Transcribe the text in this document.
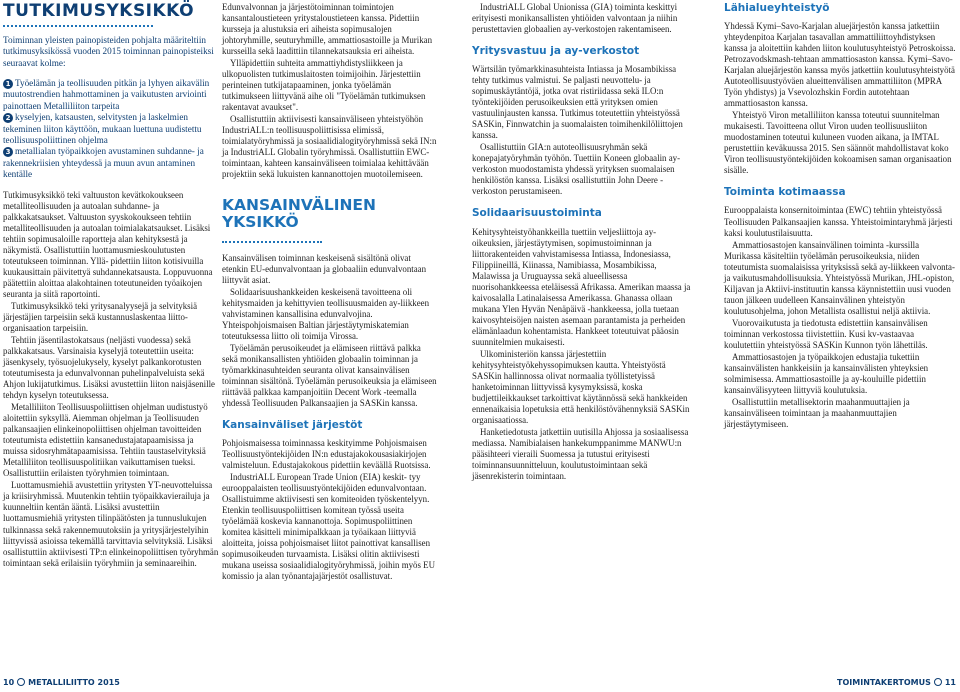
TUTKIMUSYKSIKKÖ

Toiminnan yleisten painopisteiden pohjalta määriteltiin tutkimusyksikössä vuoden 2015 toiminnan painopisteiksi seuraavat kolme:

1 Työelämän ja teollisuuden pitkän ja lyhyen aikavälin muutostrendien hahmottaminen ja vaikutusten arviointi painottaen Metalliliiton tarpeita

2 kyselyjen, katsausten, selvitysten ja laskelmien tekeminen liiton käyttöön, mukaan luettuna uudistettu teollisuuspoliittinen ohjelma

3 metallialan työpaikkojen avustaminen suhdanne- ja rakennekriisien yhteydessä ja muun avun antaminen kentälle

Tutkimusyksikkö teki valtuuston kevätkokoukseen metalliteollisuuden ja autoalan suhdanne- ja palkkakatsaukset. Valtuuston syyskokoukseen tehtiin metalliteollisuuden ja autoalan toimialakatsaukset. Lisäksi tehtiin sopimusaloille raportteja alan kehityksestä ja näkymistä. Osallistuttiin luottamusmieskoulutusten toteutukseen toiminnan. Yllä- pidettiin liiton kotisivuilla kuukausittain päivitettyä suhdannekatsausta. Loppuvuonna päätettiin aloittaa alakohtainen toteutuneiden työaikojen seuranta ja siitä raportointi.

Tutkimusyksikkö teki yritysanalyysejä ja selvityksiä järjestäjien tarpeisiin sekä kustannuslaskentaa liitto-organisaation tarpeisiin.

Tehtiin jäsentilastokatsaus (neljästi vuodessa) sekä palkkakatsaus. Varsinaisia kyselyjä toteutettiin useita: jäsenkysely, työsuojelukysely, kyselyt palkankorotusten toteutumisesta ja edunvalvonnan puhelinpalveluista sekä Ahjon lukijatutkimus. Lisäksi avustettiin liiton naisjäsenille tehdyn kyselyn toteutuksessa.

Metalliliiton Teollisuuspoliittisen ohjelman uudistustyö aloitettiin syksyllä. Aiemman ohjelman ja Teollisuuden palkansaajien elinkeinopoliittisen ohjelman tavoitteiden toteutumista edistettiin kansanedustajatapaamisissa ja muissa sidosryhmätapaamisissa. Tehtiin taustaselvityksiä Metalliliiton teollisuuspolitiikan vaikuttamisen tueksi. Osallistuttiin erilaisten työryhmien toimintaan.

Luottamusmiehiä avustettiin yritysten YT-neuvotteluissa ja kriisiryhmissä. Muutenkin tehtiin työpaikkavierailuja ja kuunneltiin kentän ääntä. Lisäksi avustettiin luottamusmiehiä yritysten tilinpäätösten ja tunnuslukujen tulkinnassa sekä rakennemuutoksiin ja yritysjärjestelyihin liittyvissä asioissa tekemällä tarvittavia selvityksiä. Lisäksi osallistuttiin aktiivisesti TP:n elinkeinopoliittisen työryhmän toimintaan sekä erilaisiin työryhmiin ja seminaareihin.

Edunvalvonnan ja järjestötoiminnan toimintojen kansantaloustieteen yritystaloustieteen kanssa. Pidettiin kursseja ja alustuksia eri aiheista sopimusalojen johtoryhmille, seuturyhmille, ammattiosastoille ja Murikan kursseilla sekä laadittiin tilannekatsauksia eri aiheista.

Ylläpidettiin suhteita ammattiyhdistysliikkeen ja ulkopuolisten tutkimuslaitosten toimijoihin. Järjestettiin perinteinen tutkijatapaaminen, jonka työelämän tutkimukseen liittyvänä aihe oli "Työelämän tutkimuksen rakentavat avaukset".

Osallistuttiin aktiivisesti kansainväliseen yhteistyöhön IndustriALL:n teollisuuspoliittisissa elimissä, toimialatyöryhmissä ja sosiaalidialogityöryhmissä sekä IN:n ja IndustriALL Globalin työryhmissä. Osallistuttiin EWC-toimintaan, kahteen kansainväliseen toimialaa kehittävään projektiin sekä lukuisten kannanottojen muotoilemiseen.

KANSAINVÄLINEN YKSIKKÖ

Kansainvälisen toiminnan keskeisenä sisältönä olivat etenkin EU-edunvalvontaan ja globaaliin edunvalvontaan liittyvät asiat.

Solidaarisuushankkeiden keskeisenä tavoitteena oli kehitysmaiden ja kehittyvien teollisuusmaiden ay-liikkeen vahvistaminen kansallisina edunvalvojina. Yhteispohjoismaisen Baltian järjestäytymiskatemian toteutuksessa liitto oli toimija Virossa.

Työelämän perusoikeudet ja elämiseen riittävä palkka sekä monikansallisten yhtiöiden globaalin toiminnan ja työmarkkinasuhteiden seuranta olivat kansainvälisen toiminnan sisältönä. Työelämän perusoikeuksia ja elämiseen riittävää palkkaa kampanjoitiin Decent Work -teemalla yhdessä Teollisuuden Palkansaajien ja SASKin kanssa.

Kansainväliset järjestöt

Pohjoismaisessa toiminnassa keskityimme Pohjoismaisen Teollisuustyöntekijöiden IN:n edustajakokousasiakirjojen valmisteluun. Edustajakokous pidettiin keväällä Ruotsissa.

IndustriALL European Trade Union (EIA) keskit- tyy eurooppalaisten teollisuustyöntekijöiden edunvalvontaan. Osallistuimme aktiivisesti sen komiteoiden työskentelyyn. Etenkin teollisuuspoliittisen komitean työssä useita työelämää koskevia kannanottoja. Sopimuspoliittinen komitea käsitteli minimipalkkaan ja työaikaan liittyviä aloitteita, joissa pohjoismaiset liitot painottivat kansallisen sopimusoikeuden turvaamista. Lisäksi olitin aktiivisesti mukana useissa sosiaalidialogityöryhmissä, joihin myös EU komissio ja alan työnantajajärjestöt osallistuvat.

IndustriALL Global Unionissa (GIA) toiminta keskittyi erityisesti monikansallisten yhtiöiden valvontaan ja niihin perustettavien globaalien ay-verkostojen rakentamiseen.

Yritysvastuu ja ay-verkostot

Wärtsilän työmarkkinasuhteista Intiassa ja Mosambikissa tehty tutkimus valmistui. Se paljasti neuvottelu- ja sopimuskäytäntöjä, jotka ovat ristiriidassa sekä ILO:n työntekijöiden perusoikeuksien että yrityksen omien vastuulinjausten kanssa. Tutkimus toteutettiin yhteistyössä SASKin, Finnwatchin ja suomalaisten toimihenkilöliittojen kanssa.

Osallistuttiin GIA:n autoteollisuusryhmän sekä konepajatyöryhmän työhön. Tuettiin Koneen globaalin ay-verkoston muodostamista yhdessä yrityksen suomalaisen henkilöstön kanssa. Lisäksi osallistuttiin John Deere -verkoston perustamiseen.

Solidaarisuustoiminta

Kehitysyhteistyöhankkeilla tuettiin veljesliittoja ay-oikeuksien, järjestäytymisen, sopimustoiminnan ja liittorakenteiden vahvistamisessa Intiassa, Indonesiassa, Filippiineillä, Kiinassa, Namibiassa, Mosambikissa, Malawissa ja Uruguayssa sekä alueellisessa nuorisohankkeessa eteläisessä Afrikassa. Amerikan maassa ja kaivosalalla Latinalaisessa Amerikassa. Ghanassa ollaan mukana Ylen Hyvän Nenäpäivä -hankkeessa, jolla tuetaan kaivosyhteisöjen naisten asemaan parantamista ja perheiden elämänlaadun kohentamista. Hankkeet toteutuivat pääosin suunnitelmien mukaisesti.

Ulkoministeriön kanssa järjestettiin kehitysyhteistyökehyssopimuksen kautta. Yhteistyöstä SASKin hallinnossa olivat normaalia työllistetyissä hanketoiminnan liittyvissä kysymyksissä, koska budjettileikkaukset tarkoittivat käytännössä sekä hankkeiden ennenaikaisia lopetuksia että henkilöstövähennyksiä SASKin organisaatiossa.

Hanketiedotusta jatkettiin uutisilla Ahjossa ja sosiaalisessa mediassa. Namibialaisen hankekumppanimme MANWU:n pääsihteeri vieraili Suomessa ja tutustui erityisesti toiminnansuunnitteluun, koulutustoimintaan sekä jäsenrekisterin toimintaan.

Lähialueyhteistyö

Yhdessä Kymi–Savo-Karjalan aluejärjestön kanssa jatkettiin yhteydenpitoa Karjalan tasavallan ammattiliittoyhdistyksen kanssa ja aloitettiin kahden liiton koulutusyhteistyö Petroskoissa. Petrozavodskmash-tehtaan ammattiosaston kanssa. Kymi–Savo-Karjalan aluejärjestön kanssa myös jatkettiin koulutusyhteistyötä Autoteollisuustyöväen alueittenvälisen ammattiliiton (MPRA Työn yhdistys) ja Vsevolozhskin Fordin autotehtaan ammattiosaston kanssa.

Yhteistyö Viron metalliliiton kanssa toteutui suunnitelman mukaisesti. Tavoitteena ollut Viron uuden teollisuusliiton muodostaminen toteutui kuluneen vuoden aikana, ja IMTAL perustettiin keväkuussa 2015. Sen säännöt mahdollistavat koko Viron teollisuustyöntekijöiden kokoamisen saman organisaation sisälle.

Toiminta kotimaassa

Eurooppalaista konsernitoimintaa (EWC) tehtiin yhteistyössä Teollisuuden Palkansaajien kanssa. Yhteistoimintaryhmä järjesti kaksi koulutustilaisuutta.

Ammattiosastojen kansainvälinen toiminta -kurssilla Murikassa käsiteltiin työelämän perusoikeuksia, niiden toteutumista suomalaisissa yrityksissä sekä ay-liikkeen valvonta- ja vaikutusmahdollisuuksia. Yhteistyössä Murikan, JHL-opiston, Kiljavan ja Aktiivi-instituutin kanssa käynnistettiin uusi vuoden tauon jälkeen uudelleen Kansainvälinen yhteistyön koulutusohjelma, johon Metallista osallistui neljä aktiivia.

Vuorovaikutusta ja tiedotusta edistettiin kansainvälisen toiminnan verkostossa tiivistettiin. Kusi kv-vastaavaa koulutettiin yhteistyössä SASKin Kunnon työn lähettiläs.

Ammattiosastojen ja työpaikkojen edustajia tukettiin kansainvälisten hankkeisiin ja kansainvälisten yhteyksien solmimisessa. Ammattiosastoille ja ay-kouluille pidettiin kansainvälisyyteen liittyviä koulutuksia.

Osallistuttiin metallisektorin maahanmuuttajien ja kansainväliseen toimintaan ja maahanmuuttajien järjestäytymiseen.

10 METALLILIITTO 2015	TOIMINTAKERTOMUS 11
